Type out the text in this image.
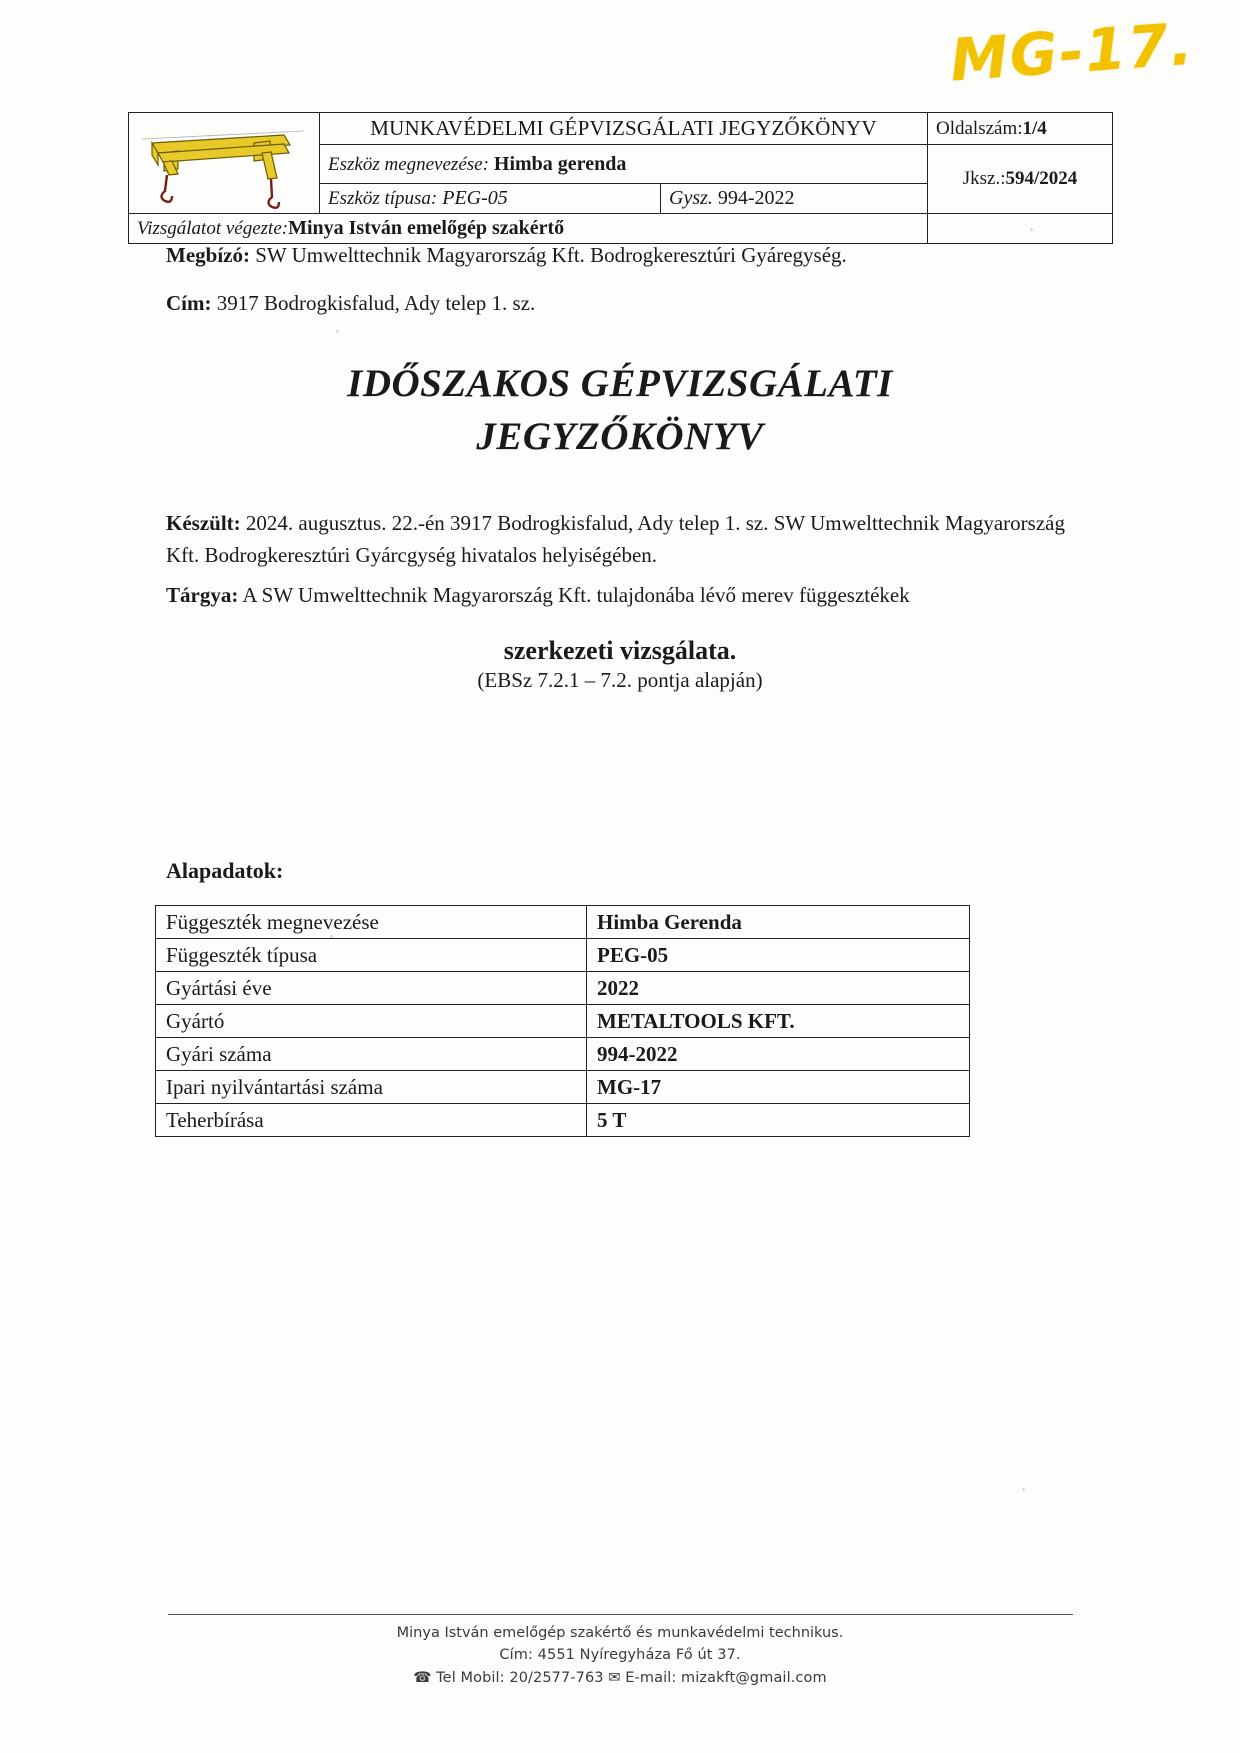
MG-17.
	MUNKAVÉDELMI GÉPVIZSGÁLATI JEGYZŐKÖNYV		Oldalszám:1/4
	Eszköz megnevezése: Himba gerenda		Jksz.:594/2024
	Eszköz típusa: PEG-05	Gysz. 994-2022	
Vizsgálatot végezte:Minya István emelőgép szakértő			
Megbízó: SW Umwelttechnik Magyarország Kft. Bodrogkeresztúri Gyáregység.
Cím: 3917 Bodrogkisfalud, Ady telep 1. sz.
IDŐSZAKOS GÉPVIZSGÁLATI
JEGYZŐKÖNYV
Készült: 2024. augusztus. 22.-én 3917 Bodrogkisfalud, Ady telep 1. sz. SW Umwelttechnik Magyarország Kft. Bodrogkeresztúri Gyárcgység hivatalos helyiségében.
Tárgya: A SW Umwelttechnik Magyarország Kft. tulajdonába lévő merev függesztékek
szerkezeti vizsgálata.
(EBSz 7.2.1 – 7.2. pontja alapján)
Alapadatok:
Függeszték megnevezése	Himba Gerenda
Függeszték típusa	PEG-05
Gyártási éve	2022
Gyártó	METALTOOLS KFT.
Gyári száma	994-2022
Ipari nyilvántartási száma	MG-17
Teherbírása	5 T
Minya István emelőgép szakértő és munkavédelmi technikus.
Cím: 4551 Nyíregyháza Fő út 37.
☎ Tel Mobil: 20/2577-763 ✉ E-mail: mizakft@gmail.com
